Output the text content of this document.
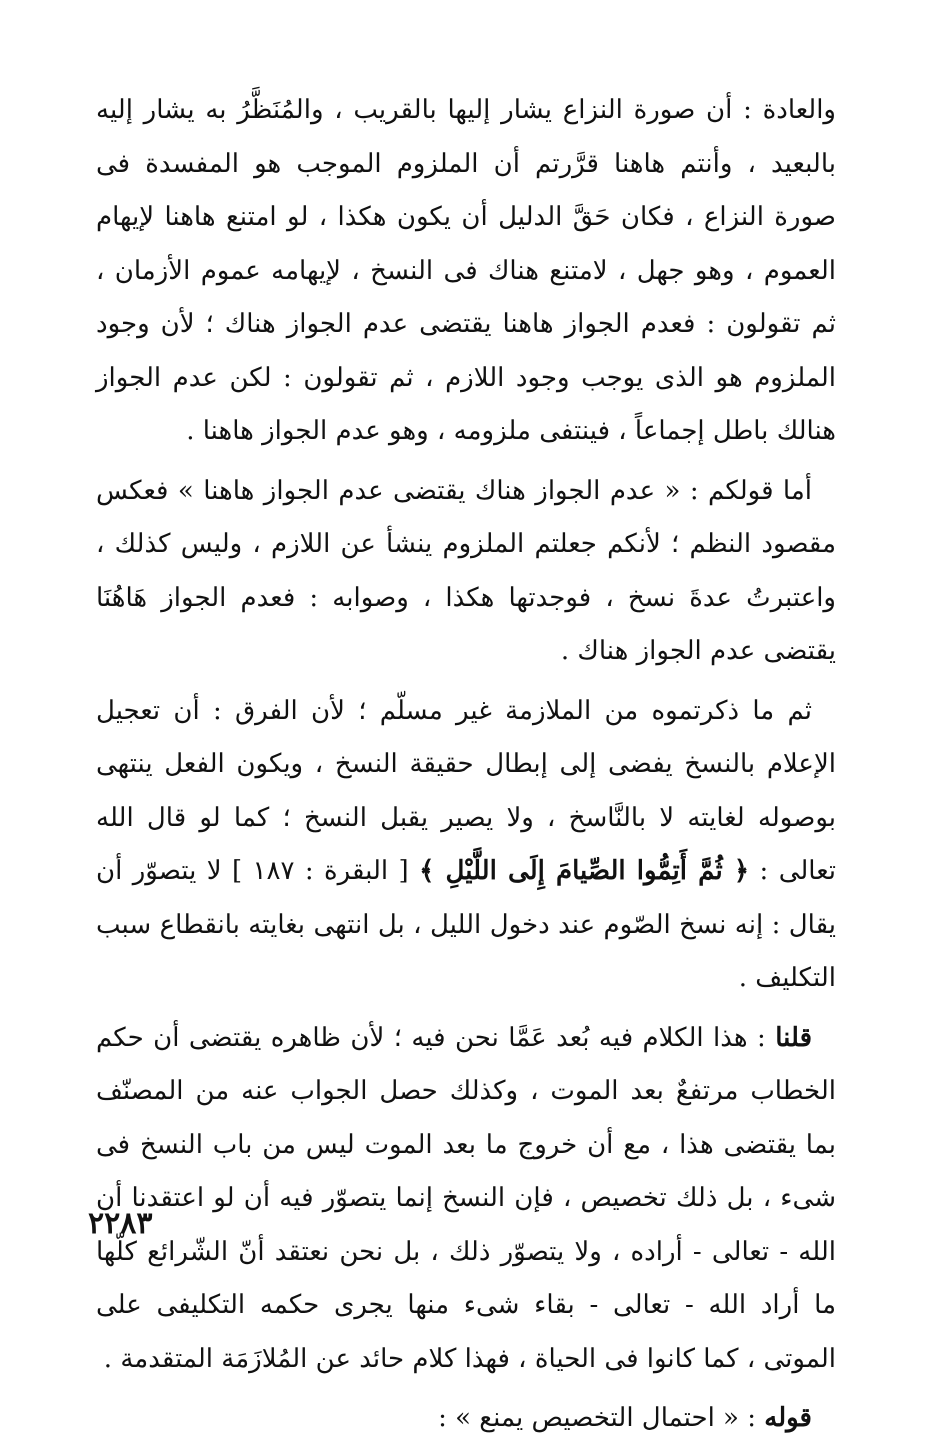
والعادة : أن صورة النزاع يشار إليها بالقريب ، والمُنَظَّرُ به يشار إليه بالبعيد ، وأنتم هاهنا قرَّرتم أن الملزوم الموجب هو المفسدة فى صورة النزاع ، فكان حَقَّ الدليل أن يكون هكذا ، لو امتنع هاهنا لإيهام العموم ، وهو جهل ، لامتنع هناك فى النسخ ، لإيهامه عموم الأزمان ، ثم تقولون : فعدم الجواز هاهنا يقتضى عدم الجواز هناك ؛ لأن وجود الملزوم هو الذى يوجب وجود اللازم ، ثم تقولون : لكن عدم الجواز هنالك باطل إجماعاً ، فينتفى ملزومه ، وهو عدم الجواز هاهنا .

أما قولكم : « عدم الجواز هناك يقتضى عدم الجواز هاهنا » فعكس مقصود النظم ؛ لأنكم جعلتم الملزوم ينشأ عن اللازم ، وليس كذلك ، واعتبرتُ عدةَ نسخ ، فوجدتها هكذا ، وصوابه : فعدم الجواز هَاهُنَا يقتضى عدم الجواز هناك .

ثم ما ذكرتموه من الملازمة غير مسلّم ؛ لأن الفرق : أن تعجيل الإعلام بالنسخ يفضى إلى إبطال حقيقة النسخ ، ويكون الفعل ينتهى بوصوله لغايته لا بالنَّاسخ ، ولا يصير يقبل النسخ ؛ كما لو قال الله تعالى : ﴿ ثُمَّ أَتِمُّوا الصِّيامَ إِلَى اللَّيْلِ ﴾ [ البقرة : ١٨٧ ] لا يتصوّر أن يقال : إنه نسخ الصّوم عند دخول الليل ، بل انتهى بغايته بانقطاع سبب التكليف .

قلنا : هذا الكلام فيه بُعد عَمَّا نحن فيه ؛ لأن ظاهره يقتضى أن حكم الخطاب مرتفعٌ بعد الموت ، وكذلك حصل الجواب عنه من المصنّف بما يقتضى هذا ، مع أن خروج ما بعد الموت ليس من باب النسخ فى شىء ، بل ذلك تخصيص ، فإن النسخ إنما يتصوّر فيه أن لو اعتقدنا أن الله - تعالى - أراده ، ولا يتصوّر ذلك ، بل نحن نعتقد أنّ الشّرائع كلّها ما أراد الله - تعالى - بقاء شىء منها يجرى حكمه التكليفى على الموتى ، كما كانوا فى الحياة ، فهذا كلام حائد عن المُلازَمَة المتقدمة .

قوله : « احتمال التخصيص يمنع » :

٢٢٨٣
